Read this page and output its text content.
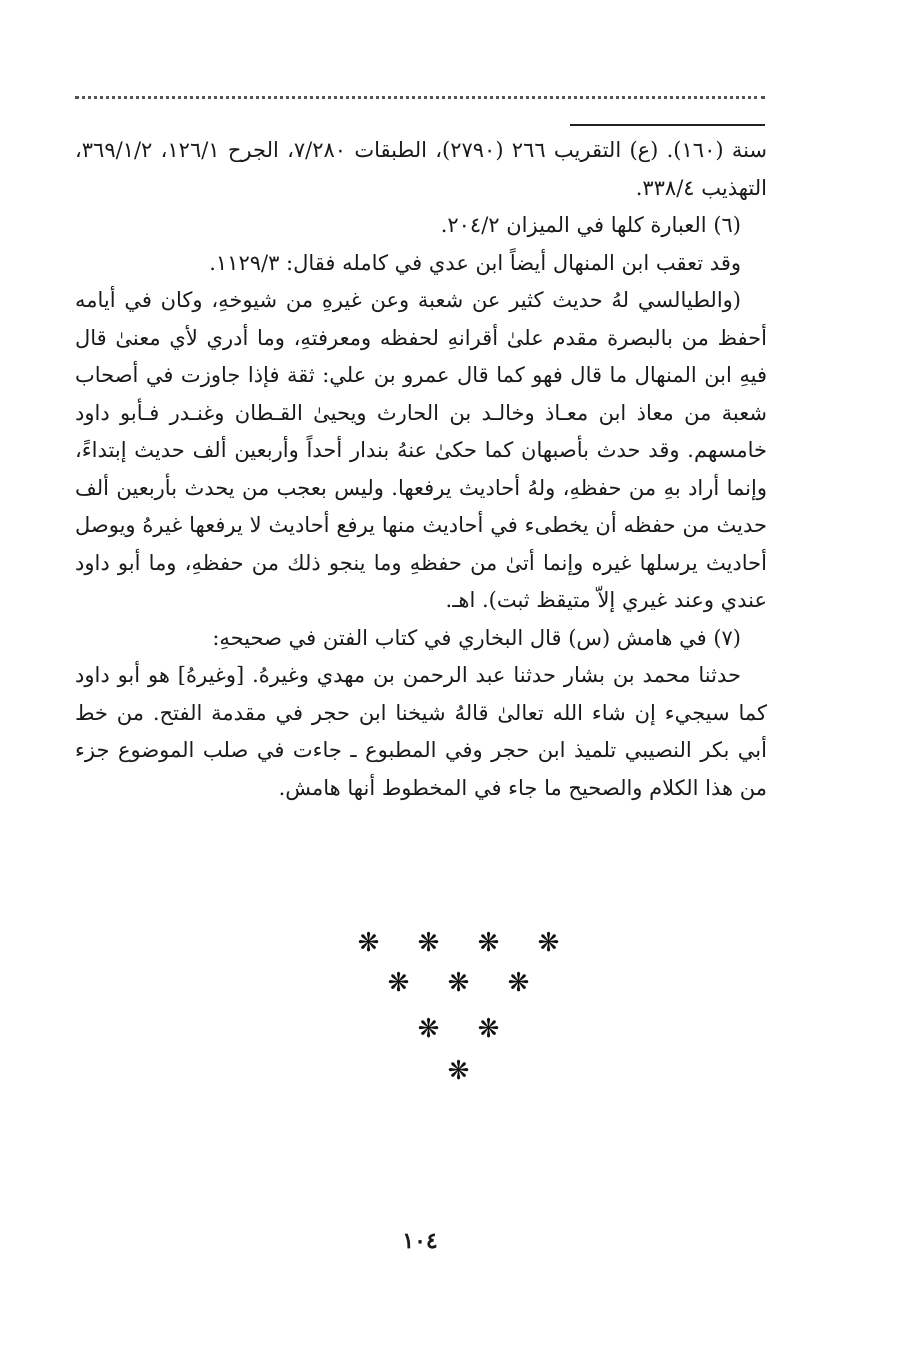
سنة (١٦٠). (ع) التقريب ٢٦٦ (٢٧٩٠)، الطبقات ٧/٢٨٠، الجرح ١٢٦/١، ٣٦٩/١/٢، التهذيب ٣٣٨/٤.

(٦) العبارة كلها في الميزان ٢٠٤/٢.

وقد تعقب ابن المنهال أيضاً ابن عدي في كامله فقال: ١١٢٩/٣.

(والطيالسي لهُ حديث كثير عن شعبة وعن غيرهِ من شيوخهِ، وكان في أيامه أحفظ من بالبصرة مقدم علىٰ أقرانهِ لحفظه ومعرفتهِ، وما أدري لأي معنىٰ قال فيهِ ابن المنهال ما قال فهو كما قال عمرو بن علي: ثقة فإذا جاوزت في أصحاب شعبة من معاذ ابن معـاذ وخالـد بن الحارث ويحيىٰ القـطان وغنـدر فـأبو داود خامسهم. وقد حدث بأصبهان كما حكىٰ عنهُ بندار أحداً وأربعين ألف حديث إبتداءً، وإنما أراد بهِ من حفظهِ، ولهُ أحاديث يرفعها. وليس بعجب من يحدث بأربعين ألف حديث من حفظه أن يخطىء في أحاديث منها يرفع أحاديث لا يرفعها غيرهُ ويوصل أحاديث يرسلها غيره وإنما أتىٰ من حفظهِ وما ينجو ذلك من حفظهِ، وما أبو داود عندي وعند غيري إلاّ متيقظ ثبت). اهـ.

(٧) في هامش (س) قال البخاري في كتاب الفتن في صحيحهِ:

حدثنا محمد بن بشار حدثنا عبد الرحمن بن مهدي وغيرهُ. [وغيرهُ] هو أبو داود كما سيجيء إن شاء الله تعالىٰ قالهُ شيخنا ابن حجر في مقدمة الفتح. من خط أبي بكر النصيبي تلميذ ابن حجر وفي المطبوع ـ جاءت في صلب الموضوع جزء من هذا الكلام والصحيح ما جاء في المخطوط أنها هامش.

❋ ❋ ❋ ❋
❋ ❋ ❋
❋ ❋
❋
١٠٤
